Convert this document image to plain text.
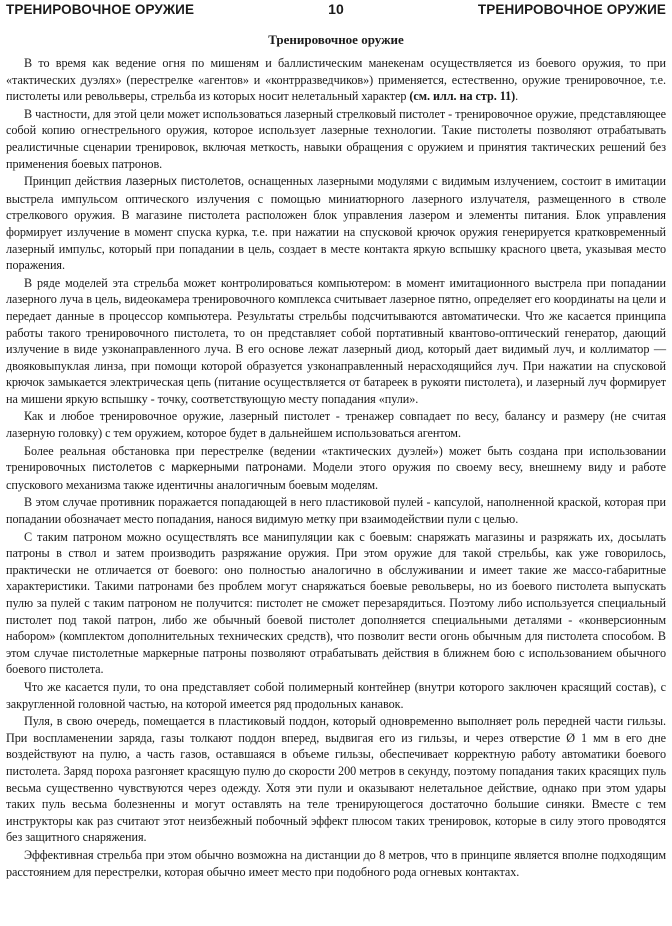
ТРЕНИРОВОЧНОЕ ОРУЖИЕ	10	ТРЕНИРОВОЧНОЕ ОРУЖИЕ
Тренировочное оружие

В то время как ведение огня по мишеням и баллистическим манекенам осуществляется из боевого оружия, то при «тактических дуэлях» (перестрелке «агентов» и «контрразведчиков») применяется, естественно, оружие тренировочное, т.е. пистолеты или револьверы, стрельба из которых носит нелетальный характер (см. илл. на стр. 11).

В частности, для этой цели может использоваться лазерный стрелковый пистолет - тренировочное оружие, представляющее собой копию огнестрельного оружия, которое использует лазерные технологии. Такие пистолеты позволяют отрабатывать реалистичные сценарии тренировок, включая меткость, навыки обращения с оружием и принятия тактических решений без применения боевых патронов.

Принцип действия лазерных пистолетов, оснащенных лазерными модулями с видимым излучением, состоит в имитации выстрела импульсом оптического излучения с помощью миниатюрного лазерного излучателя, размещенного в стволе стрелкового оружия. В магазине пистолета расположен блок управления лазером и элементы питания. Блок управления формирует излучение в момент спуска курка, т.е. при нажатии на спусковой крючок оружия генерируется кратковременный лазерный импульс, который при попадании в цель, создает в месте контакта яркую вспышку красного цвета, указывая место поражения.

В ряде моделей эта стрельба может контролироваться компьютером: в момент имитационного выстрела при попадании лазерного луча в цель, видеокамера тренировочного комплекса считывает лазерное пятно, определяет его координаты на цели и передает данные в процессор компьютера. Результаты стрельбы подсчитываются автоматически. Что же касается принципа работы такого тренировочного пистолета, то он представляет собой портативный квантово-оптический генератор, дающий излучение в виде узконаправленного луча. В его основе лежат лазерный диод, который дает видимый луч, и коллиматор — двояковыпуклая линза, при помощи которой образуется узконаправленный нерасходящийся луч. При нажатии на спусковой крючок замыкается электрическая цепь (питание осуществляется от батареек в рукояти пистолета), и лазерный луч формирует на мишени яркую вспышку - точку, соответствующую месту попадания «пули».

Как и любое тренировочное оружие, лазерный пистолет - тренажер совпадает по весу, балансу и размеру (не считая лазерную головку) с тем оружием, которое будет в дальнейшем использоваться агентом.

Более реальная обстановка при перестрелке (ведении «тактических дуэлей») может быть создана при использовании тренировочных пистолетов с маркерными патронами. Модели этого оружия по своему весу, внешнему виду и работе спускового механизма также идентичны аналогичным боевым моделям.

В этом случае противник поражается попадающей в него пластиковой пулей - капсулой, наполненной краской, которая при попадании обозначает место попадания, нанося видимую метку при взаимодействии пули с целью.

С таким патроном можно осуществлять все манипуляции как с боевым: снаряжать магазины и разряжать их, досылать патроны в ствол и затем производить разряжание оружия. При этом оружие для такой стрельбы, как уже говорилось, практически не отличается от боевого: оно полностью аналогично в обслуживании и имеет такие же массо-габаритные характеристики. Такими патронами без проблем могут снаряжаться боевые револьверы, но из боевого пистолета выпускать пулю за пулей с таким патроном не получится: пистолет не сможет перезарядиться. Поэтому либо используется специальный пистолет под такой патрон, либо же обычный боевой пистолет дополняется специальными деталями - «конверсионным набором» (комплектом дополнительных технических средств), что позволит вести огонь обычным для пистолета способом. В этом случае пистолетные маркерные патроны позволяют отрабатывать действия в ближнем бою с использованием обычного боевого пистолета.

Что же касается пули, то она представляет собой полимерный контейнер (внутри которого заключен красящий состав), с закругленной головной частью, на которой имеется ряд продольных канавок.

Пуля, в свою очередь, помещается в пластиковый поддон, который одновременно выполняет роль передней части гильзы. При воспламенении заряда, газы толкают поддон вперед, выдвигая его из гильзы, и через отверстие Ø 1 мм в его дне воздействуют на пулю, а часть газов, оставшаяся в объеме гильзы, обеспечивает корректную работу автоматики боевого пистолета. Заряд пороха разгоняет красящую пулю до скорости 200 метров в секунду, поэтому попадания таких красящих пуль весьма существенно чувствуются через одежду. Хотя эти пули и оказывают нелетальное действие, однако при этом удары таких пуль весьма болезненны и могут оставлять на теле тренирующегося достаточно большие синяки. Вместе с тем инструкторы как раз считают этот неизбежный побочный эффект плюсом таких тренировок, которые в силу этого проводятся без защитного снаряжения.

Эффективная стрельба при этом обычно возможна на дистанции до 8 метров, что в принципе является вполне подходящим расстоянием для перестрелки, которая обычно имеет место при подобного рода огневых контактах.
